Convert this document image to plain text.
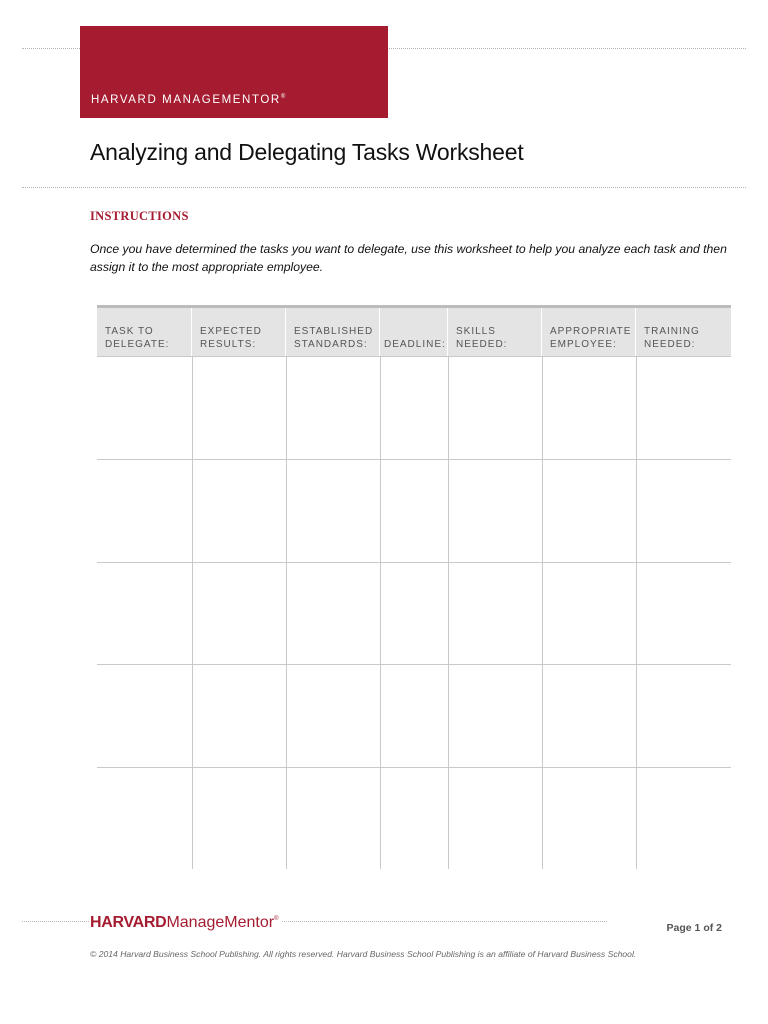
HARVARD MANAGEMENTOR®
Analyzing and Delegating Tasks Worksheet
INSTRUCTIONS
Once you have determined the tasks you want to delegate, use this worksheet to help you analyze each task and then assign it to the most appropriate employee.
TASK TO
DELEGATE:
EXPECTED
RESULTS:
ESTABLISHED
STANDARDS:	DEADLINE:
SKILLS
NEEDED:
APPROPRIATE
EMPLOYEE:
TRAINING
NEEDED:
HARVARDManageMentor®
Page 1 of 2
© 2014 Harvard Business School Publishing. All rights reserved. Harvard Business School Publishing is an affiliate of Harvard Business School.
